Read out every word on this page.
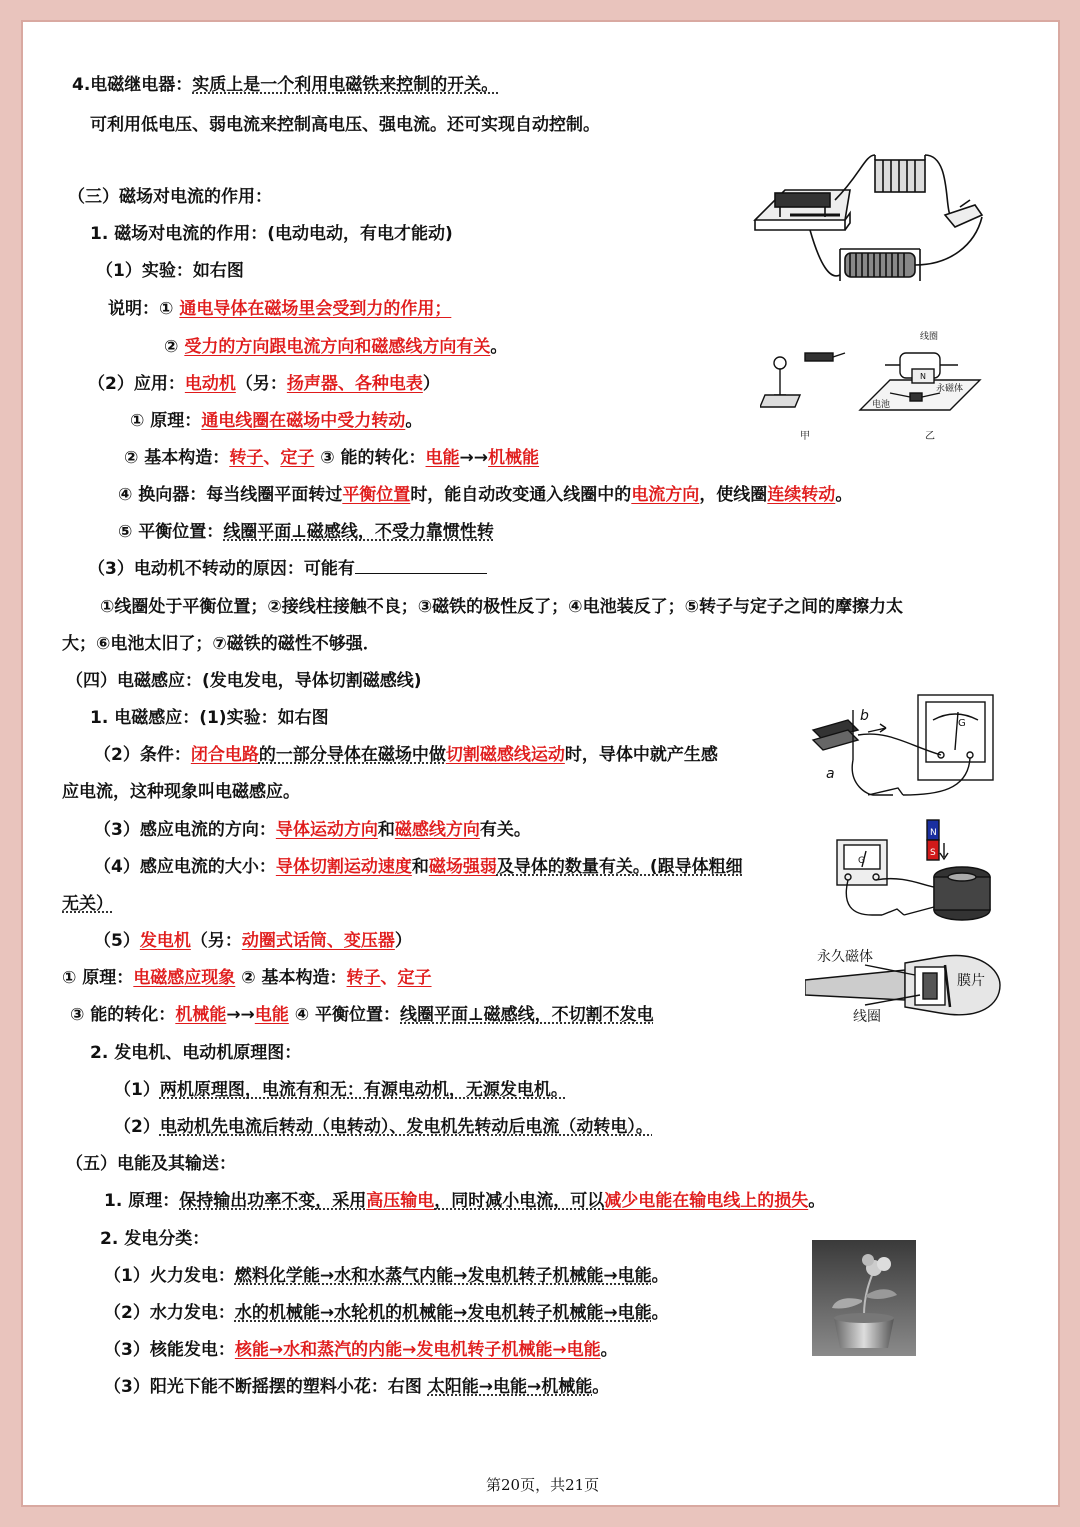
4.电磁继电器：实质上是一个利用电磁铁来控制的开关。
可利用低电压、弱电流来控制高电压、强电流。还可实现自动控制。
（三）磁场对电流的作用：
1. 磁场对电流的作用：(电动电动，有电才能动)
（1）实验：如右图
说明：① 通电导体在磁场里会受到力的作用；
② 受力的方向跟电流方向和磁感线方向有关。
（2）应用：电动机（另：扬声器、各种电表）
① 原理：通电线圈在磁场中受力转动。
② 基本构造：转子、定子 ③ 能的转化：电能→→机械能
④ 换向器：每当线圈平面转过平衡位置时，能自动改变通入线圈中的电流方向，使线圈连续转动。
⑤ 平衡位置：线圈平面⊥磁感线，不受力靠惯性转
（3）电动机不转动的原因：可能有
①线圈处于平衡位置；②接线柱接触不良；③磁铁的极性反了；④电池装反了；⑤转子与定子之间的摩擦力太
大；⑥电池太旧了；⑦磁铁的磁性不够强．
（四）电磁感应：(发电发电，导体切割磁感线)
1. 电磁感应：(1)实验：如右图
（2）条件：闭合电路的一部分导体在磁场中做切割磁感线运动时，导体中就产生感
应电流，这种现象叫电磁感应。
（3）感应电流的方向：导体运动方向和磁感线方向有关。
（4）感应电流的大小：导体切割运动速度和磁场强弱及导体的数量有关。(跟导体粗细
无关）
（5）发电机（另：动圈式话筒、变压器）
① 原理：电磁感应现象 ② 基本构造：转子、定子
③ 能的转化：机械能→→电能 ④ 平衡位置：线圈平面⊥磁感线，不切割不发电
2. 发电机、电动机原理图：
（1）两机原理图，电流有和无：有源电动机，无源发电机。
（2）电动机先电流后转动（电转动）、发电机先转动后电流（动转电）。
（五）电能及其输送：
1. 原理：保持输出功率不变，采用高压输电，同时减小电流，可以减少电能在输电线上的损失。
2. 发电分类：
（1）火力发电：燃料化学能→水和水蒸气内能→发电机转子机械能→电能。
（2）水力发电：水的机械能→水轮机的机械能→发电机转子机械能→电能。
（3）核能发电：核能→水和蒸汽的内能→发电机转子机械能→电能。
（3）阳光下能不断摇摆的塑料小花：右图 太阳能→电能→机械能。
线圈
N
永磁体
电池
甲	乙
a
b	G
G
N
S
永久磁体
膜片
线圈
第20页，共21页
